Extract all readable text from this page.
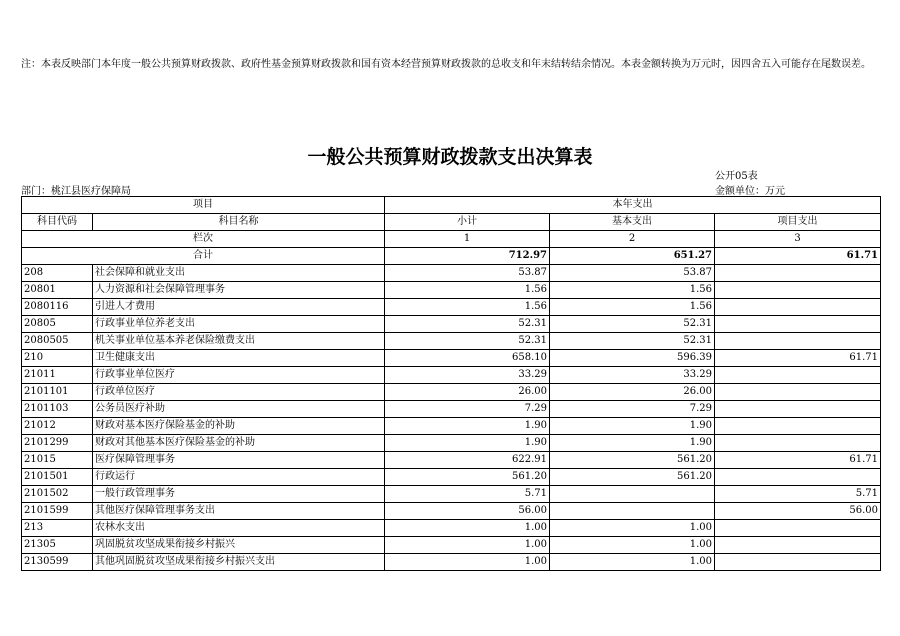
注：本表反映部门本年度一般公共预算财政拨款、政府性基金预算财政拨款和国有资本经营预算财政拨款的总收支和年末结转结余情况。本表金额转换为万元时，因四舍五入可能存在尾数误差。
一般公共预算财政拨款支出决算表
公开05表
部门：桃江县医疗保障局	金额单位：万元
项目		本年支出		
科目代码	科目名称	小计	基本支出	项目支出
栏次		1	2	3
合计		712.97	651.27	61.71
208	社会保障和就业支出	53.87	53.87	
20801	人力资源和社会保障管理事务	1.56	1.56	
2080116	引进人才费用	1.56	1.56	
20805	行政事业单位养老支出	52.31	52.31	
2080505	机关事业单位基本养老保险缴费支出	52.31	52.31	
210	卫生健康支出	658.10	596.39	61.71
21011	行政事业单位医疗	33.29	33.29	
2101101	行政单位医疗	26.00	26.00	
2101103	公务员医疗补助	7.29	7.29	
21012	财政对基本医疗保险基金的补助	1.90	1.90	
2101299	财政对其他基本医疗保险基金的补助	1.90	1.90	
21015	医疗保障管理事务	622.91	561.20	61.71
2101501	行政运行	561.20	561.20	
2101502	一般行政管理事务	5.71		5.71
2101599	其他医疗保障管理事务支出	56.00		56.00
213	农林水支出	1.00	1.00	
21305	巩固脱贫攻坚成果衔接乡村振兴	1.00	1.00	
2130599	其他巩固脱贫攻坚成果衔接乡村振兴支出	1.00	1.00	
